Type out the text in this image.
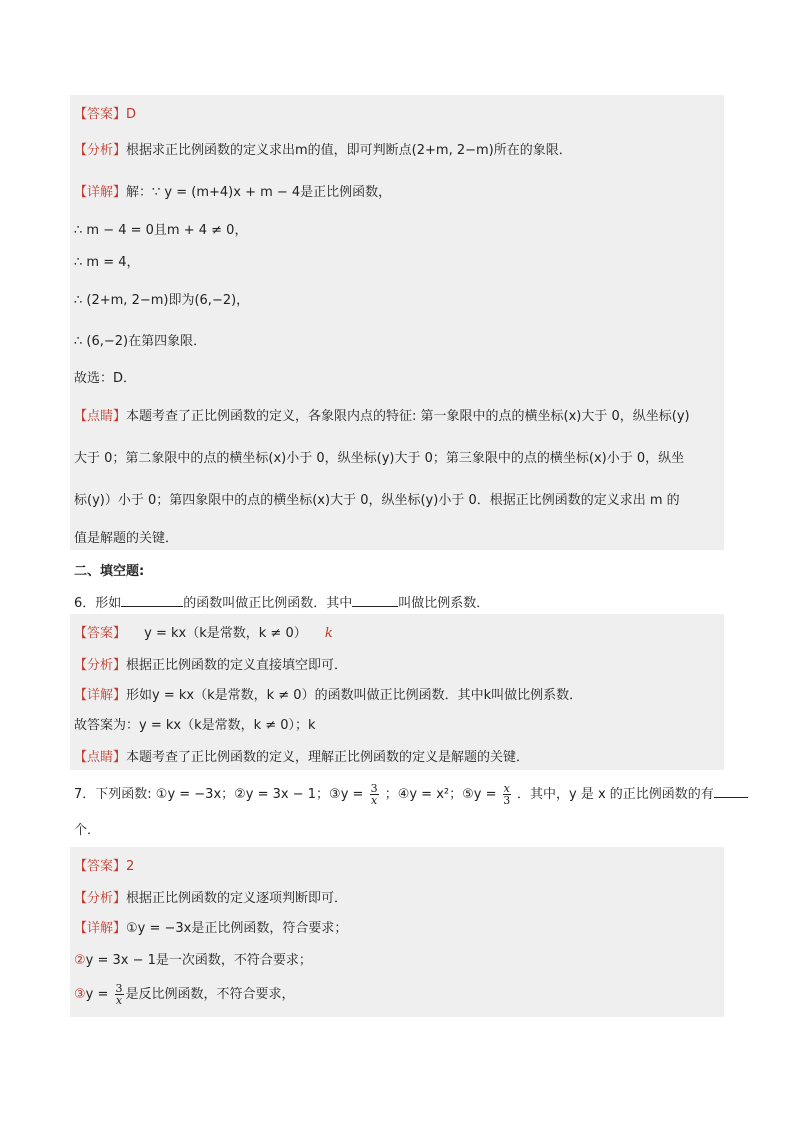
【答案】D
【分析】根据求正比例函数的定义求出m的值，即可判断点(2+m, 2−m)所在的象限．
【详解】解：∵ y = (m+4)x + m − 4是正比例函数，
∴ m − 4 = 0且m + 4 ≠ 0，
∴ m = 4，
∴ (2+m, 2−m)即为(6,−2)，
∴ (6,−2)在第四象限．
故选：D．
【点睛】本题考查了正比例函数的定义，各象限内点的特征: 第一象限中的点的横坐标(x)大于 0，纵坐标(y)
大于 0；第二象限中的点的横坐标(x)小于 0，纵坐标(y)大于 0；第三象限中的点的横坐标(x)小于 0，纵坐
标(y)）小于 0；第四象限中的点的横坐标(x)大于 0，纵坐标(y)小于 0．根据正比例函数的定义求出 m 的
值是解题的关键．
二、填空题:
6．形如	的函数叫做正比例函数．其中	叫做比例系数．
【答案】 y = kx（k是常数，k ≠ 0） k
【分析】根据正比例函数的定义直接填空即可．
【详解】形如y = kx（k是常数，k ≠ 0）的函数叫做正比例函数．其中k叫做比例系数．
故答案为：y = kx（k是常数，k ≠ 0）；k
【点睛】本题考查了正比例函数的定义，理解正比例函数的定义是解题的关键．
7．下列函数: ①y = −3x；②y = 3x − 1；③y = $\frac{3}{x}$ ；④y = x²；⑤y = $\frac{x}{3}$ ．其中，y 是 x 的正比例函数的有
个．
【答案】2
【分析】根据正比例函数的定义逐项判断即可．
【详解】①y = −3x是正比例函数，符合要求；
②y = 3x − 1是一次函数，不符合要求；
③y = $\frac{3}{x}$ 是反比例函数，不符合要求，
